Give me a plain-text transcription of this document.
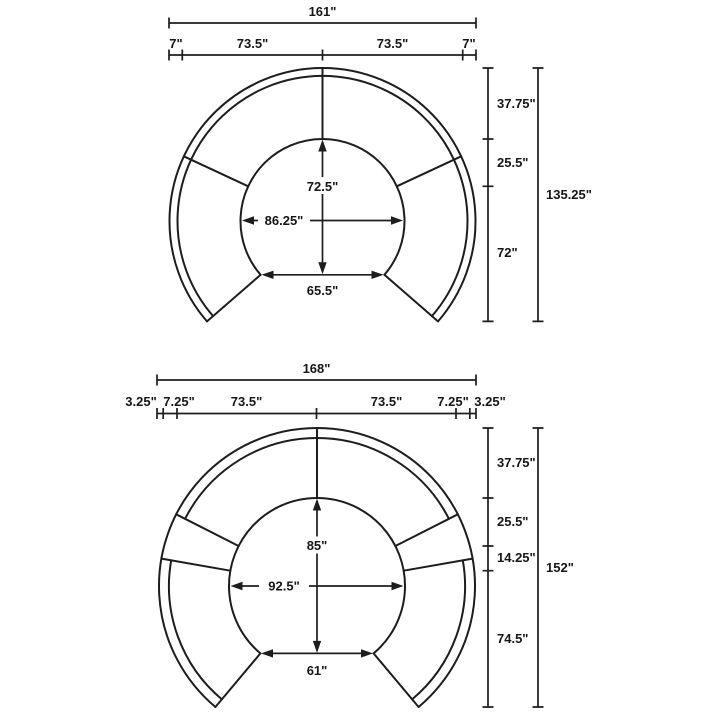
161"
7"	73.5"	73.5"	7"
37.75"
25.5"
72"
135.25"
72.5"
86.25"
65.5"
168"
3.25" 7.25"	73.5"	73.5"	7.25" 3.25"
37.75"
25.5"
14.25"
74.5"
152"
85"
92.5"
61"
